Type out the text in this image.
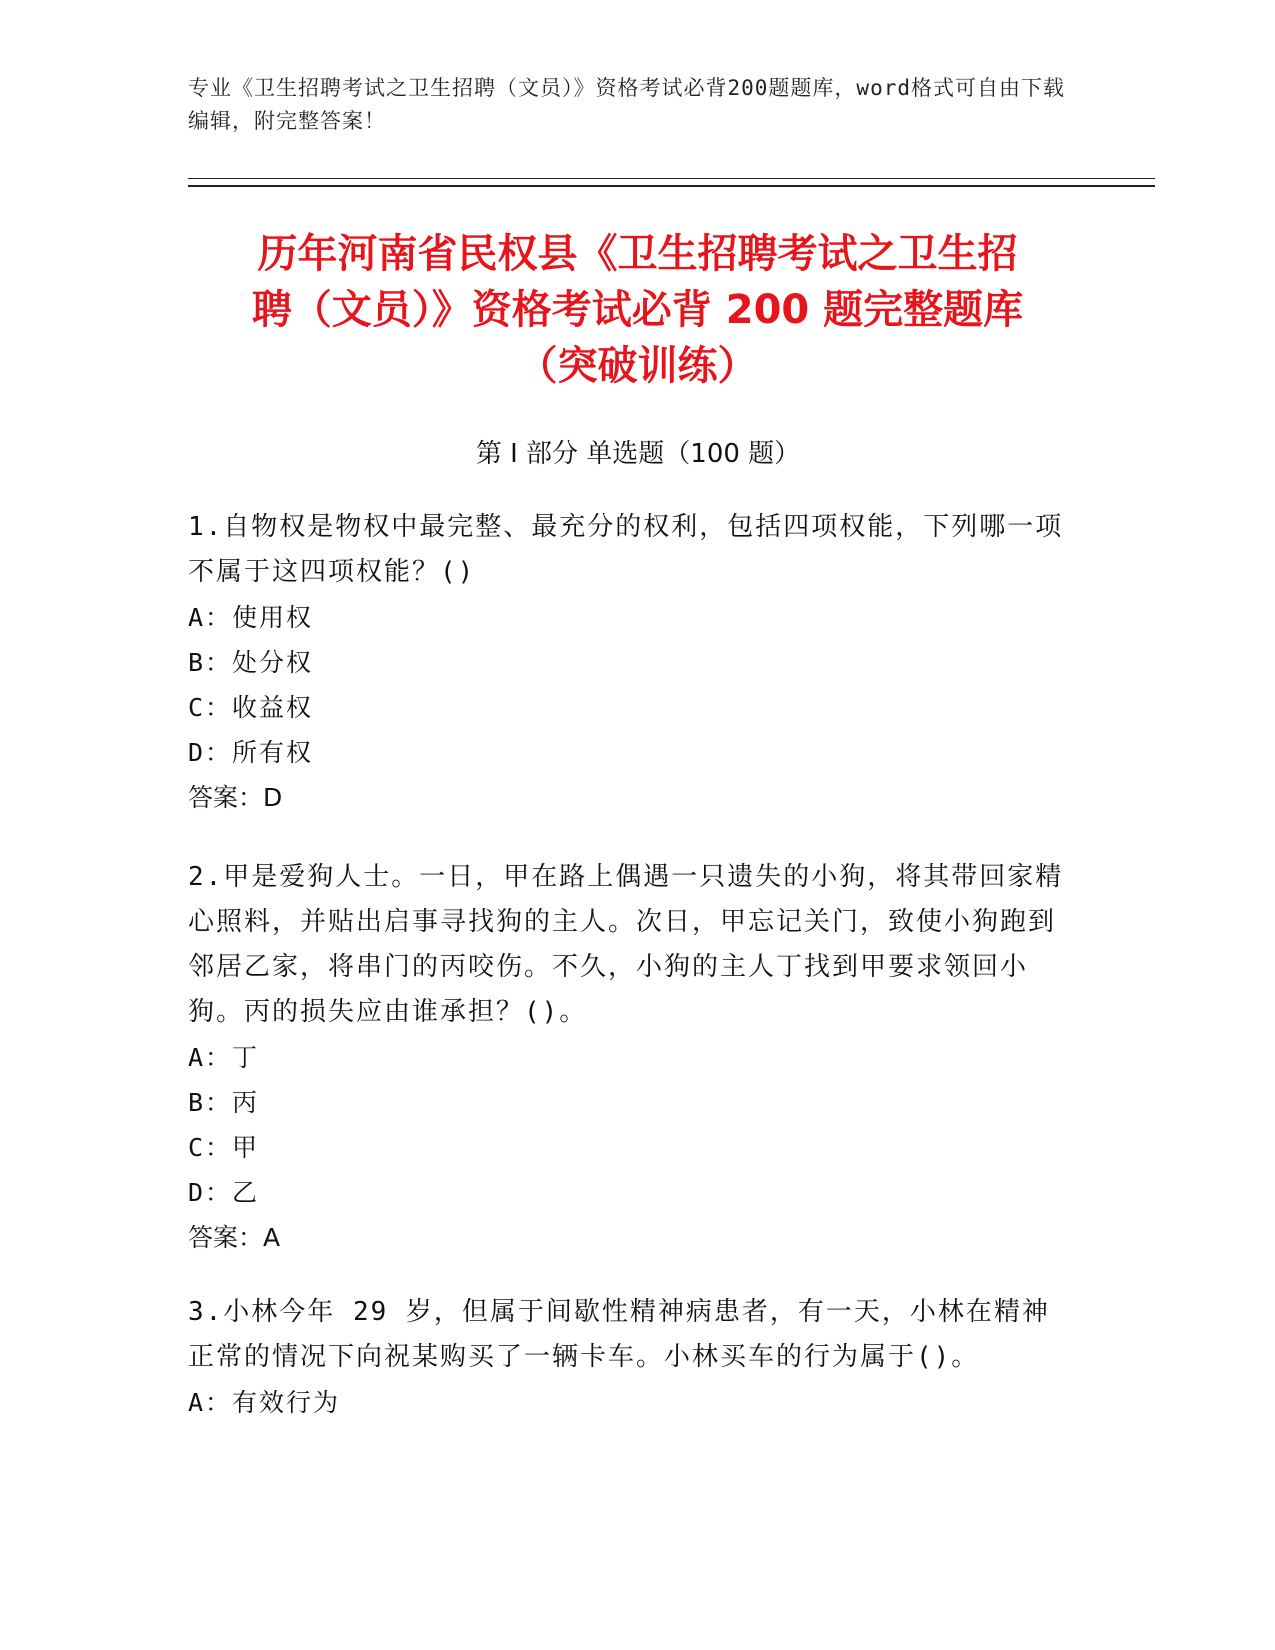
专业《卫生招聘考试之卫生招聘（文员）》资格考试必背200题题库，word格式可自由下载编辑，附完整答案！
历年河南省民权县《卫生招聘考试之卫生招
聘（文员）》资格考试必背 200 题完整题库
（突破训练）
第 I 部分 单选题（100 题）
1.自物权是物权中最完整、最充分的权利，包括四项权能，下列哪一项不属于这四项权能？()
A：使用权
B：处分权
C：收益权
D：所有权
答案：D
2.甲是爱狗人士。一日，甲在路上偶遇一只遗失的小狗，将其带回家精心照料，并贴出启事寻找狗的主人。次日，甲忘记关门，致使小狗跑到邻居乙家，将串门的丙咬伤。不久，小狗的主人丁找到甲要求领回小狗。丙的损失应由谁承担？()。
A：丁
B：丙
C：甲
D：乙
答案：A
3.小林今年 29 岁，但属于间歇性精神病患者，有一天，小林在精神正常的情况下向祝某购买了一辆卡车。小林买车的行为属于()。
A：有效行为
